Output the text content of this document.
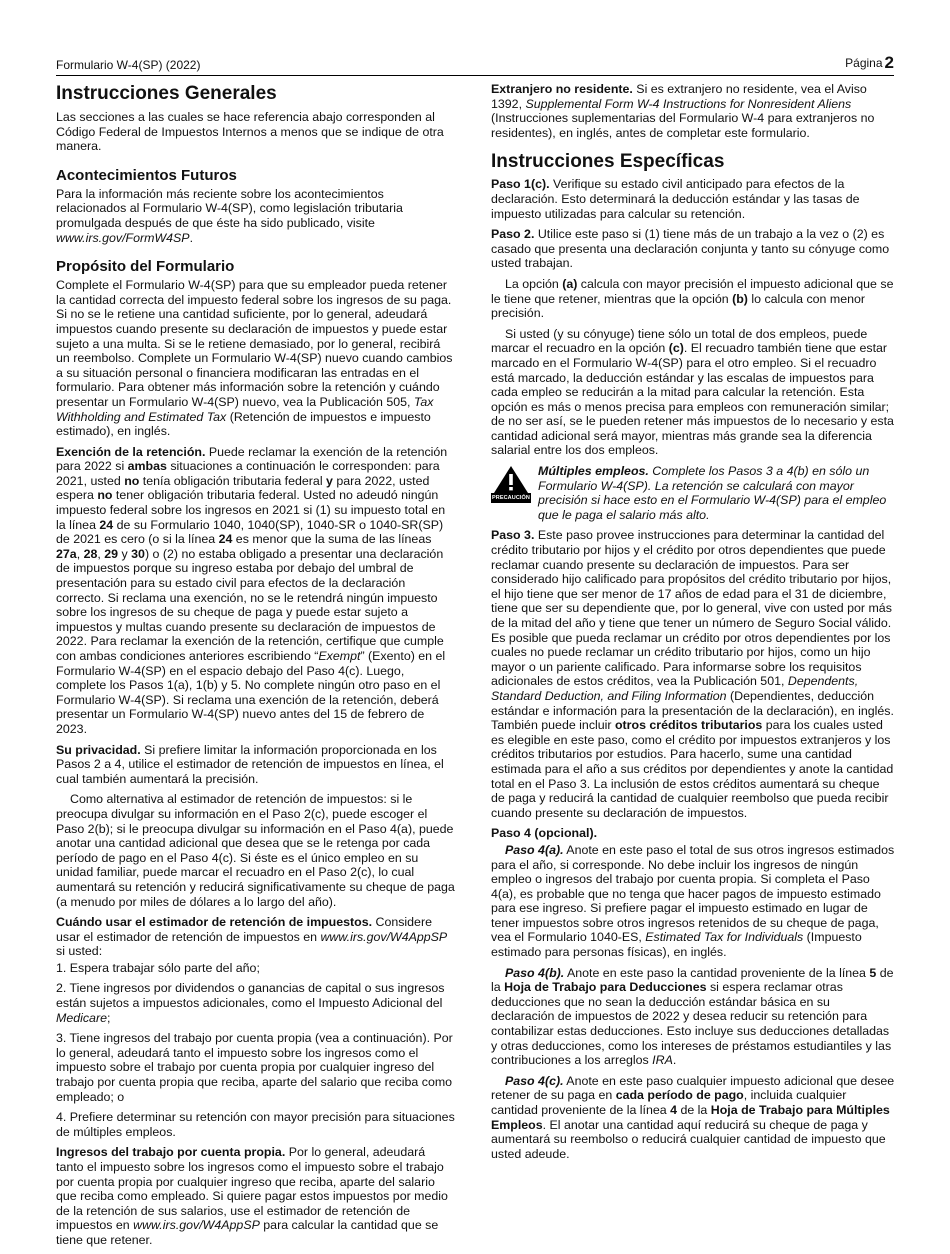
Formulario W-4(SP) (2022)	Página 2
Instrucciones Generales

Las secciones a las cuales se hace referencia abajo corresponden al Código Federal de Impuestos Internos a menos que se indique de otra manera.

Acontecimientos Futuros

Para la información más reciente sobre los acontecimientos relacionados al Formulario W-4(SP), como legislación tributaria promulgada después de que éste ha sido publicado, visite www.irs.gov/FormW4SP.

Propósito del Formulario

Complete el Formulario W-4(SP) para que su empleador pueda retener la cantidad correcta del impuesto federal sobre los ingresos de su paga. Si no se le retiene una cantidad suficiente, por lo general, adeudará impuestos cuando presente su declaración de impuestos y puede estar sujeto a una multa. Si se le retiene demasiado, por lo general, recibirá un reembolso. Complete un Formulario W-4(SP) nuevo cuando cambios a su situación personal o financiera modificaran las entradas en el formulario. Para obtener más información sobre la retención y cuándo presentar un Formulario W-4(SP) nuevo, vea la Publicación 505, Tax Withholding and Estimated Tax (Retención de impuestos e impuesto estimado), en inglés.

Exención de la retención. Puede reclamar la exención de la retención para 2022 si ambas situaciones a continuación le corresponden: para 2021, usted no tenía obligación tributaria federal y para 2022, usted espera no tener obligación tributaria federal. Usted no adeudó ningún impuesto federal sobre los ingresos en 2021 si (1) su impuesto total en la línea 24 de su Formulario 1040, 1040(SP), 1040-SR o 1040-SR(SP) de 2021 es cero (o si la línea 24 es menor que la suma de las líneas 27a, 28, 29 y 30) o (2) no estaba obligado a presentar una declaración de impuestos porque su ingreso estaba por debajo del umbral de presentación para su estado civil para efectos de la declaración correcto. Si reclama una exención, no se le retendrá ningún impuesto sobre los ingresos de su cheque de paga y puede estar sujeto a impuestos y multas cuando presente su declaración de impuestos de 2022. Para reclamar la exención de la retención, certifique que cumple con ambas condiciones anteriores escribiendo “Exempt” (Exento) en el Formulario W-4(SP) en el espacio debajo del Paso 4(c). Luego, complete los Pasos 1(a), 1(b) y 5. No complete ningún otro paso en el Formulario W-4(SP). Si reclama una exención de la retención, deberá presentar un Formulario W-4(SP) nuevo antes del 15 de febrero de 2023.

Su privacidad. Si prefiere limitar la información proporcionada en los Pasos 2 a 4, utilice el estimador de retención de impuestos en línea, el cual también aumentará la precisión.

Como alternativa al estimador de retención de impuestos: si le preocupa divulgar su información en el Paso 2(c), puede escoger el Paso 2(b); si le preocupa divulgar su información en el Paso 4(a), puede anotar una cantidad adicional que desea que se le retenga por cada período de pago en el Paso 4(c). Si éste es el único empleo en su unidad familiar, puede marcar el recuadro en el Paso 2(c), lo cual aumentará su retención y reducirá significativamente su cheque de paga (a menudo por miles de dólares a lo largo del año).

Cuándo usar el estimador de retención de impuestos. Considere usar el estimador de retención de impuestos en www.irs.gov/W4AppSP si usted:

1. Espera trabajar sólo parte del año;

2. Tiene ingresos por dividendos o ganancias de capital o sus ingresos están sujetos a impuestos adicionales, como el Impuesto Adicional del Medicare;

3. Tiene ingresos del trabajo por cuenta propia (vea a continuación). Por lo general, adeudará tanto el impuesto sobre los ingresos como el impuesto sobre el trabajo por cuenta propia por cualquier ingreso del trabajo por cuenta propia que reciba, aparte del salario que reciba como empleado; o

4. Prefiere determinar su retención con mayor precisión para situaciones de múltiples empleos.

Ingresos del trabajo por cuenta propia. Por lo general, adeudará tanto el impuesto sobre los ingresos como el impuesto sobre el trabajo por cuenta propia por cualquier ingreso que reciba, aparte del salario que reciba como empleado. Si quiere pagar estos impuestos por medio de la retención de sus salarios, use el estimador de retención de impuestos en www.irs.gov/W4AppSP para calcular la cantidad que se tiene que retener.

Extranjero no residente. Si es extranjero no residente, vea el Aviso 1392, Supplemental Form W-4 Instructions for Nonresident Aliens (Instrucciones suplementarias del Formulario W-4 para extranjeros no residentes), en inglés, antes de completar este formulario.

Instrucciones Específicas

Paso 1(c). Verifique su estado civil anticipado para efectos de la declaración. Esto determinará la deducción estándar y las tasas de impuesto utilizadas para calcular su retención.

Paso 2. Utilice este paso si (1) tiene más de un trabajo a la vez o (2) es casado que presenta una declaración conjunta y tanto su cónyuge como usted trabajan.

La opción (a) calcula con mayor precisión el impuesto adicional que se le tiene que retener, mientras que la opción (b) lo calcula con menor precisión.

Si usted (y su cónyuge) tiene sólo un total de dos empleos, puede marcar el recuadro en la opción (c). El recuadro también tiene que estar marcado en el Formulario W-4(SP) para el otro empleo. Si el recuadro está marcado, la deducción estándar y las escalas de impuestos para cada empleo se reducirán a la mitad para calcular la retención. Esta opción es más o menos precisa para empleos con remuneración similar; de no ser así, se le pueden retener más impuestos de lo necesario y esta cantidad adicional será mayor, mientras más grande sea la diferencia salarial entre los dos empleos.

PRECAUCIÓN

Múltiples empleos. Complete los Pasos 3 a 4(b) en sólo un Formulario W-4(SP). La retención se calculará con mayor precisión si hace esto en el Formulario W-4(SP) para el empleo que le paga el salario más alto.

Paso 3. Este paso provee instrucciones para determinar la cantidad del crédito tributario por hijos y el crédito por otros dependientes que puede reclamar cuando presente su declaración de impuestos. Para ser considerado hijo calificado para propósitos del crédito tributario por hijos, el hijo tiene que ser menor de 17 años de edad para el 31 de diciembre, tiene que ser su dependiente que, por lo general, vive con usted por más de la mitad del año y tiene que tener un número de Seguro Social válido. Es posible que pueda reclamar un crédito por otros dependientes por los cuales no puede reclamar un crédito tributario por hijos, como un hijo mayor o un pariente calificado. Para informarse sobre los requisitos adicionales de estos créditos, vea la Publicación 501, Dependents, Standard Deduction, and Filing Information (Dependientes, deducción estándar e información para la presentación de la declaración), en inglés. También puede incluir otros créditos tributarios para los cuales usted es elegible en este paso, como el crédito por impuestos extranjeros y los créditos tributarios por estudios. Para hacerlo, sume una cantidad estimada para el año a sus créditos por dependientes y anote la cantidad total en el Paso 3. La inclusión de estos créditos aumentará su cheque de paga y reducirá la cantidad de cualquier reembolso que pueda recibir cuando presente su declaración de impuestos.

Paso 4 (opcional).

Paso 4(a). Anote en este paso el total de sus otros ingresos estimados para el año, si corresponde. No debe incluir los ingresos de ningún empleo o ingresos del trabajo por cuenta propia. Si completa el Paso 4(a), es probable que no tenga que hacer pagos de impuesto estimado para ese ingreso. Si prefiere pagar el impuesto estimado en lugar de tener impuestos sobre otros ingresos retenidos de su cheque de paga, vea el Formulario 1040-ES, Estimated Tax for Individuals (Impuesto estimado para personas físicas), en inglés.

Paso 4(b). Anote en este paso la cantidad proveniente de la línea 5 de la Hoja de Trabajo para Deducciones si espera reclamar otras deducciones que no sean la deducción estándar básica en su declaración de impuestos de 2022 y desea reducir su retención para contabilizar estas deducciones. Esto incluye sus deducciones detalladas y otras deducciones, como los intereses de préstamos estudiantiles y las contribuciones a los arreglos IRA.

Paso 4(c). Anote en este paso cualquier impuesto adicional que desee retener de su paga en cada período de pago, incluida cualquier cantidad proveniente de la línea 4 de la Hoja de Trabajo para Múltiples Empleos. El anotar una cantidad aquí reducirá su cheque de paga y aumentará su reembolso o reducirá cualquier cantidad de impuesto que usted adeude.
